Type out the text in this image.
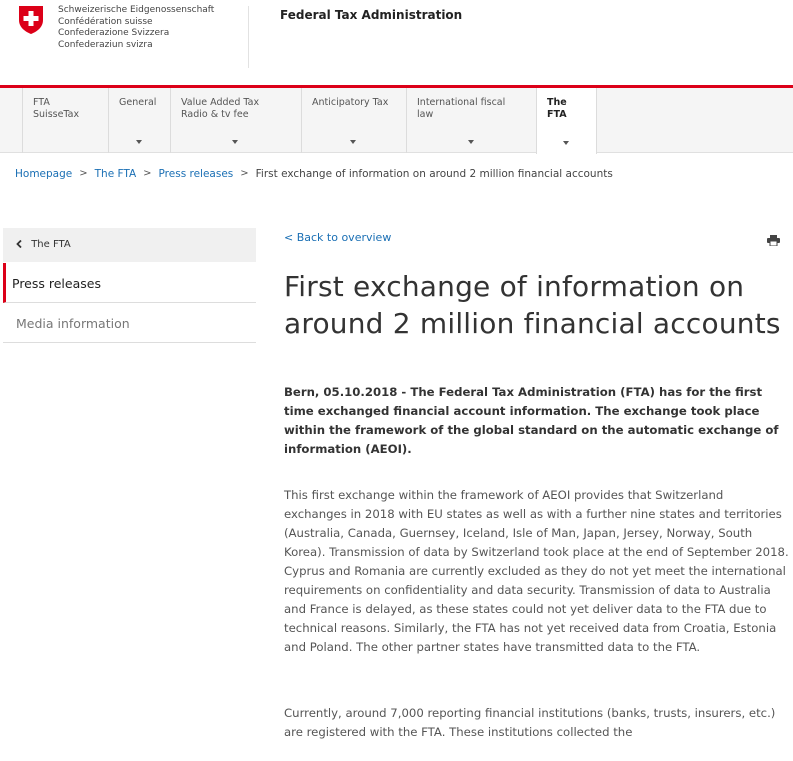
Schweizerische Eidgenossenschaft
Confédération suisse
Confederazione Svizzera
Confederaziun svizra
Federal Tax Administration
FTA SuisseTax
General	Value Added Tax Radio & tv fee
Anticipatory Tax	International fiscal law
The FTA
Homepage > The FTA > Press releases > First exchange of information on around 2 million financial accounts
The FTA
Press releases
Media information
< Back to overview
First exchange of information on around 2 million financial accounts

Bern, 05.10.2018 - The Federal Tax Administration (FTA) has for the first time exchanged financial account information. The exchange took place within the framework of the global standard on the automatic exchange of information (AEOI).

This first exchange within the framework of AEOI provides that Switzerland exchanges in 2018 with EU states as well as with a further nine states and territories (Australia, Canada, Guernsey, Iceland, Isle of Man, Japan, Jersey, Norway, South Korea). Transmission of data by Switzerland took place at the end of September 2018. Cyprus and Romania are currently excluded as they do not yet meet the international requirements on confidentiality and data security. Transmission of data to Australia and France is delayed, as these states could not yet deliver data to the FTA due to technical reasons. Similarly, the FTA has not yet received data from Croatia, Estonia and Poland. The other partner states have transmitted data to the FTA.

Currently, around 7,000 reporting financial institutions (banks, trusts, insurers, etc.) are registered with the FTA. These institutions collected the
